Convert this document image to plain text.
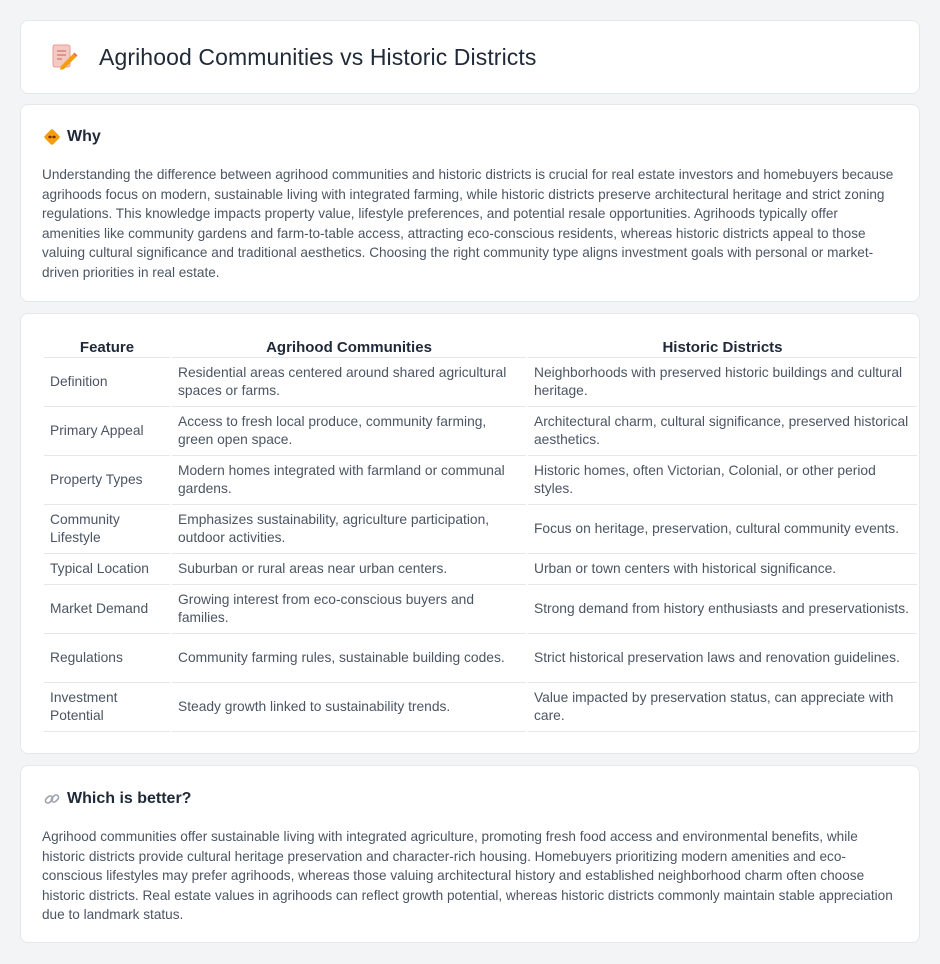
Agrihood Communities vs Historic Districts
Why

Understanding the difference between agrihood communities and historic districts is crucial for real estate investors and homebuyers because agrihoods focus on modern, sustainable living with integrated farming, while historic districts preserve architectural heritage and strict zoning regulations. This knowledge impacts property value, lifestyle preferences, and potential resale opportunities. Agrihoods typically offer amenities like community gardens and farm-to-table access, attracting eco-conscious residents, whereas historic districts appeal to those valuing cultural significance and traditional aesthetics. Choosing the right community type aligns investment goals with personal or market-driven priorities in real estate.

Feature	Agrihood Communities	Historic Districts
Definition	Residential areas centered around shared agricultural spaces or farms.	Neighborhoods with preserved historic buildings and cultural heritage.
Primary Appeal	Access to fresh local produce, community farming, green open space.	Architectural charm, cultural significance, preserved historical aesthetics.
Property Types	Modern homes integrated with farmland or communal gardens.	Historic homes, often Victorian, Colonial, or other period styles.
Community Lifestyle	Emphasizes sustainability, agriculture participation, outdoor activities.	Focus on heritage, preservation, cultural community events.
Typical Location	Suburban or rural areas near urban centers.	Urban or town centers with historical significance.
Market Demand	Growing interest from eco-conscious buyers and families.	Strong demand from history enthusiasts and preservationists.
Regulations	Community farming rules, sustainable building codes.	Strict historical preservation laws and renovation guidelines.
Investment Potential	Steady growth linked to sustainability trends.	Value impacted by preservation status, can appreciate with care.
Which is better?

Agrihood communities offer sustainable living with integrated agriculture, promoting fresh food access and environmental benefits, while historic districts provide cultural heritage preservation and character-rich housing. Homebuyers prioritizing modern amenities and eco-conscious lifestyles may prefer agrihoods, whereas those valuing architectural history and established neighborhood charm often choose historic districts. Real estate values in agrihoods can reflect growth potential, whereas historic districts commonly maintain stable appreciation due to landmark status.
